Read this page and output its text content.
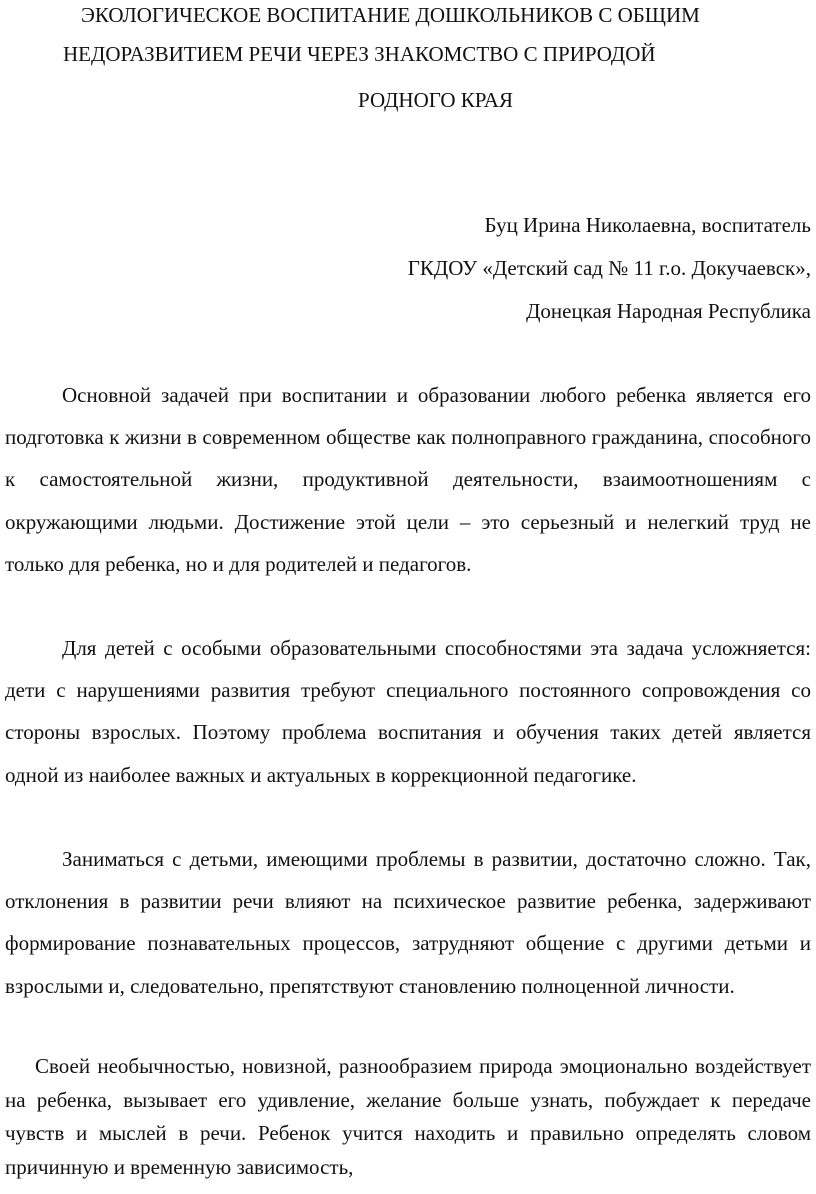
ЭКОЛОГИЧЕСКОЕ ВОСПИТАНИЕ ДОШКОЛЬНИКОВ С ОБЩИМ
НЕДОРАЗВИТИЕМ РЕЧИ ЧЕРЕЗ ЗНАКОМСТВО С ПРИРОДОЙ
РОДНОГО КРАЯ
Буц Ирина Николаевна, воспитатель
ГКДОУ «Детский сад № 11 г.о. Докучаевск»,
Донецкая Народная Республика

Основной задачей при воспитании и образовании любого ребенка является его подготовка к жизни в современном обществе как полноправного гражданина, способного к самостоятельной жизни, продуктивной деятельности, взаимоотношениям с окружающими людьми. Достижение этой цели – это серьезный и нелегкий труд не только для ребенка, но и для родителей и педагогов.

Для детей с особыми образовательными способностями эта задача усложняется: дети с нарушениями развития требуют специального постоянного сопровождения со стороны взрослых. Поэтому проблема воспитания и обучения таких детей является одной из наиболее важных и актуальных в коррекционной педагогике.

Заниматься с детьми, имеющими проблемы в развитии, достаточно сложно. Так, отклонения в развитии речи влияют на психическое развитие ребенка, задерживают формирование познавательных процессов, затрудняют общение с другими детьми и взрослыми и, следовательно, препятствуют становлению полноценной личности.

Своей необычностью, новизной, разнообразием природа эмоционально воздействует на ребенка, вызывает его удивление, желание больше узнать, побуждает к передаче чувств и мыслей в речи. Ребенок учится находить и правильно определять словом причинную и временную зависимость,
